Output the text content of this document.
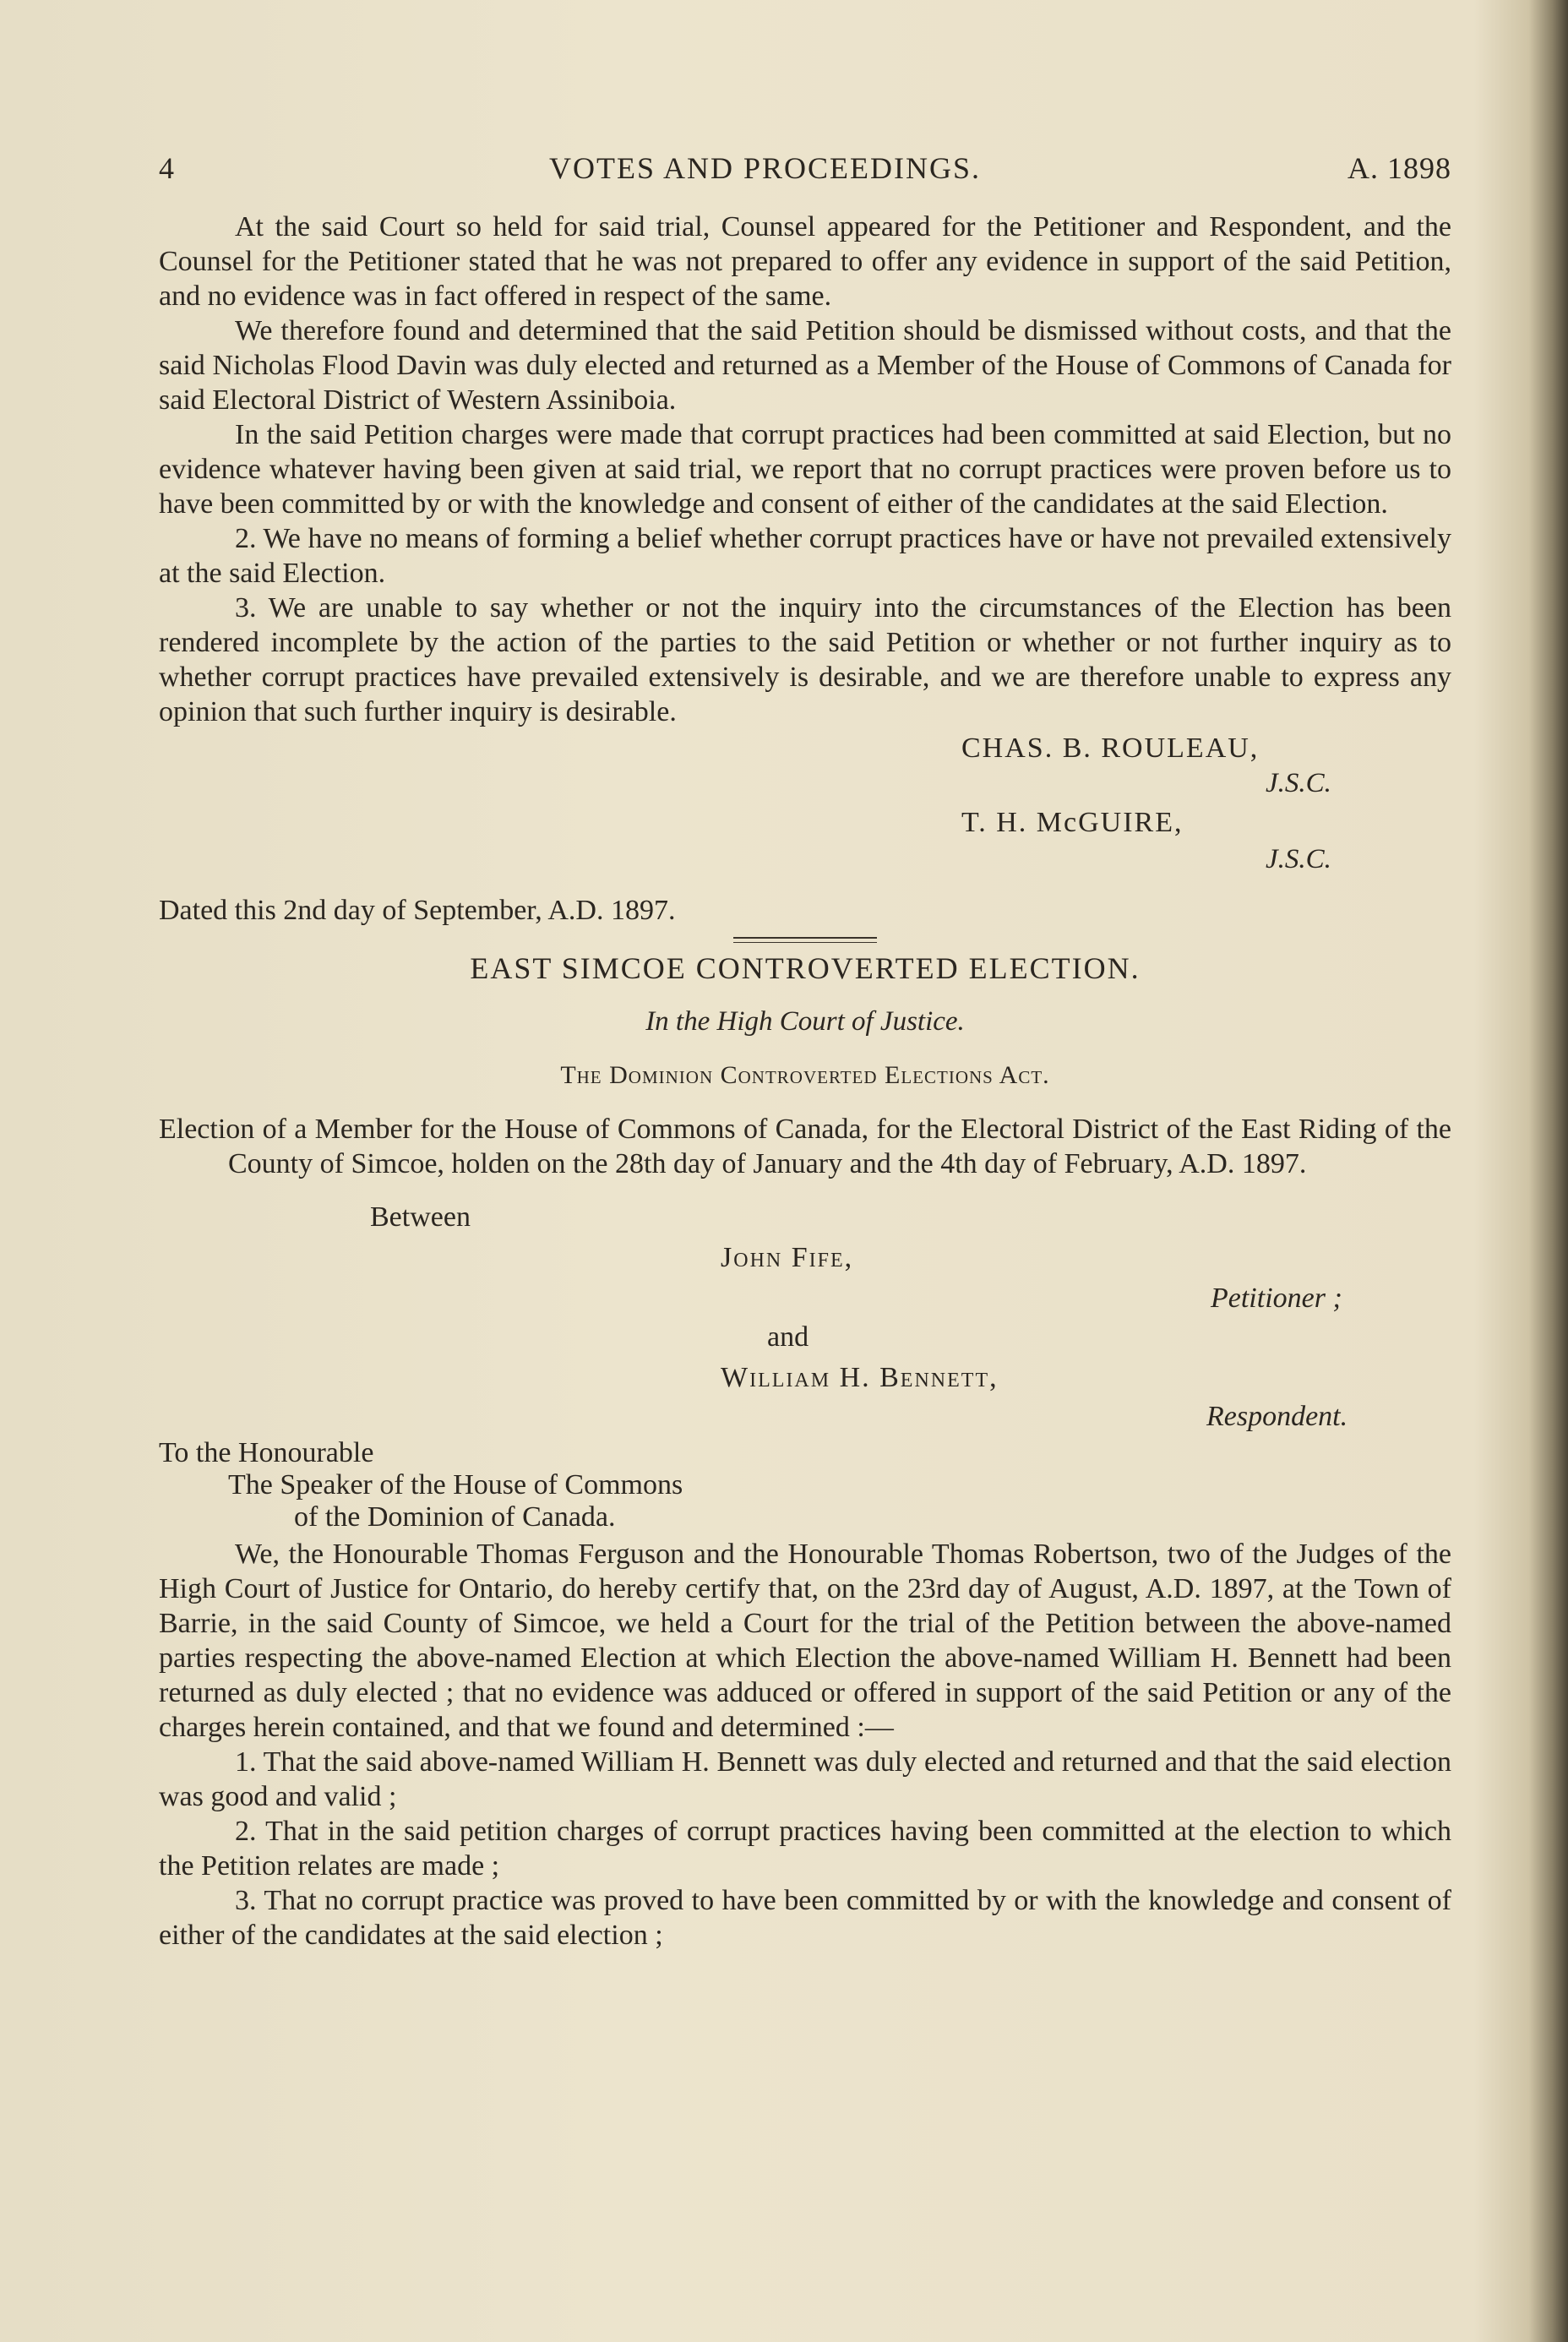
4	VOTES AND PROCEEDINGS.	A. 1898

At the said Court so held for said trial, Counsel appeared for the Petitioner and Respondent, and the Counsel for the Petitioner stated that he was not prepared to offer any evidence in support of the said Petition, and no evidence was in fact offered in respect of the same.

We therefore found and determined that the said Petition should be dismissed without costs, and that the said Nicholas Flood Davin was duly elected and returned as a Member of the House of Commons of Canada for said Electoral District of Western Assiniboia.

In the said Petition charges were made that corrupt practices had been committed at said Election, but no evidence whatever having been given at said trial, we report that no corrupt practices were proven before us to have been committed by or with the knowledge and consent of either of the candidates at the said Election.

2. We have no means of forming a belief whether corrupt practices have or have not prevailed extensively at the said Election.

3. We are unable to say whether or not the inquiry into the circumstances of the Election has been rendered incomplete by the action of the parties to the said Petition or whether or not further inquiry as to whether corrupt practices have prevailed extensively is desirable, and we are therefore unable to express any opinion that such further inquiry is desirable.

CHAS. B. ROULEAU,
J.S.C.
T. H. McGUIRE,
J.S.C.

Dated this 2nd day of September, A.D. 1897.

EAST SIMCOE CONTROVERTED ELECTION.

In the High Court of Justice.

The Dominion Controverted Elections Act.

Election of a Member for the House of Commons of Canada, for the Electoral District of the East Riding of the County of Simcoe, holden on the 28th day of January and the 4th day of February, A.D. 1897.

Between
John Fife,
Petitioner ;
and
William H. Bennett,
Respondent.
To the Honourable
The Speaker of the House of Commons
of the Dominion of Canada.

We, the Honourable Thomas Ferguson and the Honourable Thomas Robertson, two of the Judges of the High Court of Justice for Ontario, do hereby certify that, on the 23rd day of August, A.D. 1897, at the Town of Barrie, in the said County of Simcoe, we held a Court for the trial of the Petition between the above-named parties respecting the above-named Election at which Election the above-named William H. Bennett had been returned as duly elected ; that no evidence was adduced or offered in support of the said Petition or any of the charges herein contained, and that we found and determined :—

1. That the said above-named William H. Bennett was duly elected and returned and that the said election was good and valid ;

2. That in the said petition charges of corrupt practices having been committed at the election to which the Petition relates are made ;

3. That no corrupt practice was proved to have been committed by or with the knowledge and consent of either of the candidates at the said election ;
